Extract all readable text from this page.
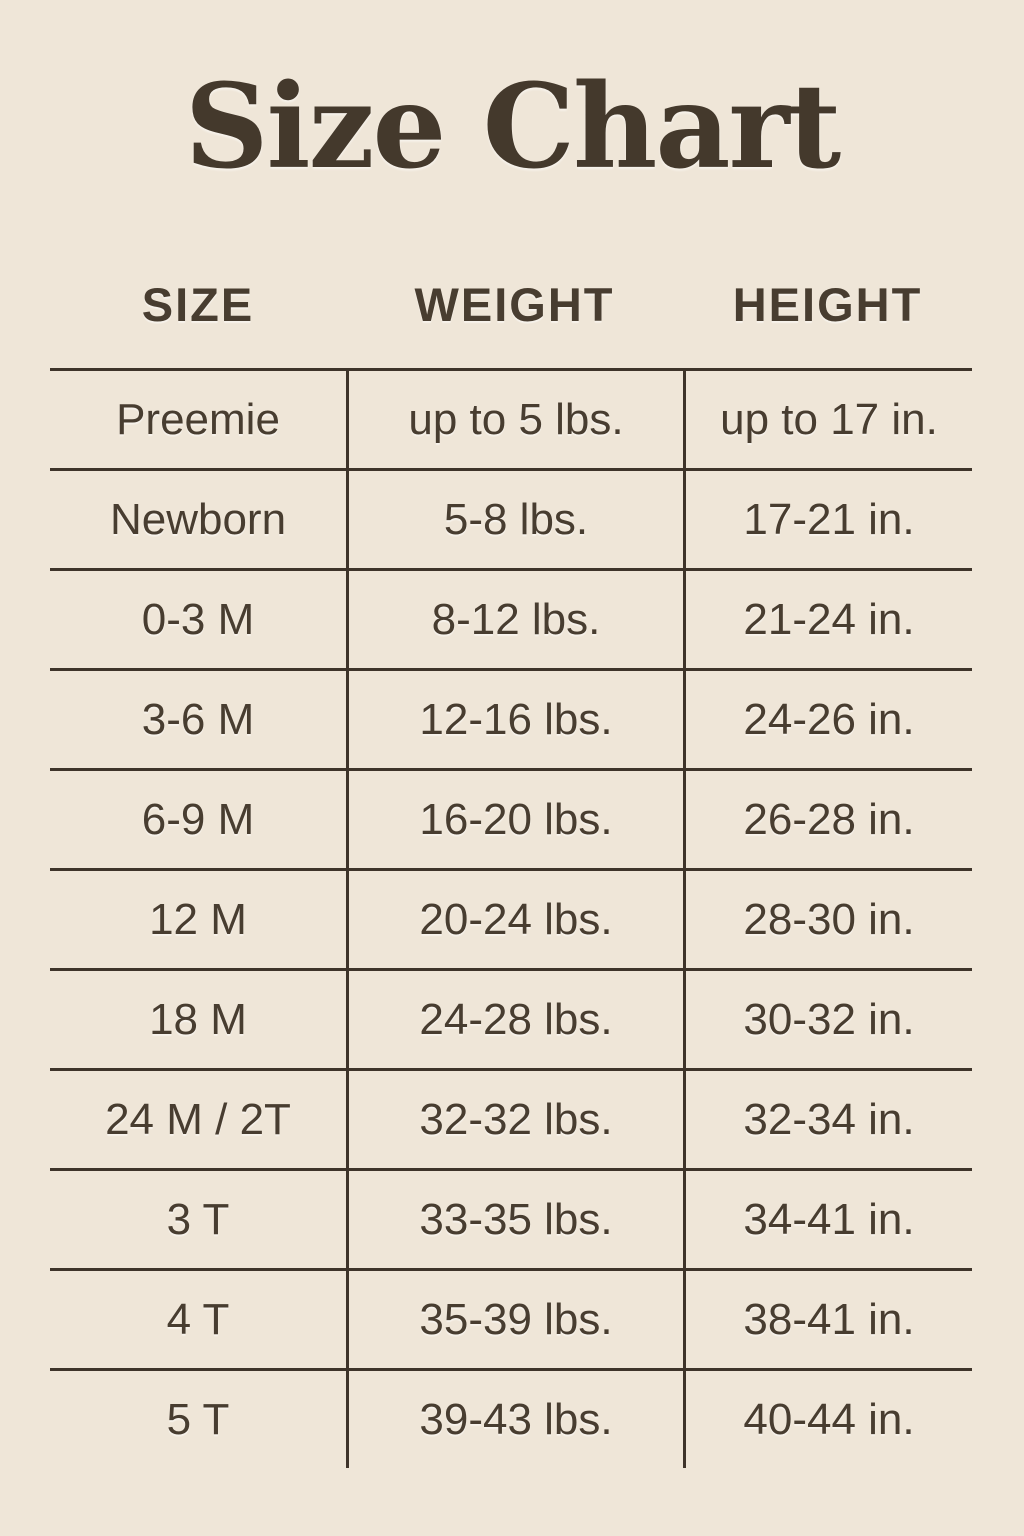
Size Chart
SIZE	WEIGHT	HEIGHT
Preemie	up to 5 lbs.	up to 17 in.
Newborn	5-8 lbs.	17-21 in.
0-3 M	8-12 lbs.	21-24 in.
3-6 M	12-16 lbs.	24-26 in.
6-9 M	16-20 lbs.	26-28 in.
12 M	20-24 lbs.	28-30 in.
18 M	24-28 lbs.	30-32 in.
24 M / 2T	32-32 lbs.	32-34 in.
3 T	33-35 lbs.	34-41 in.
4 T	35-39 lbs.	38-41 in.
5 T	39-43 lbs.	40-44 in.
